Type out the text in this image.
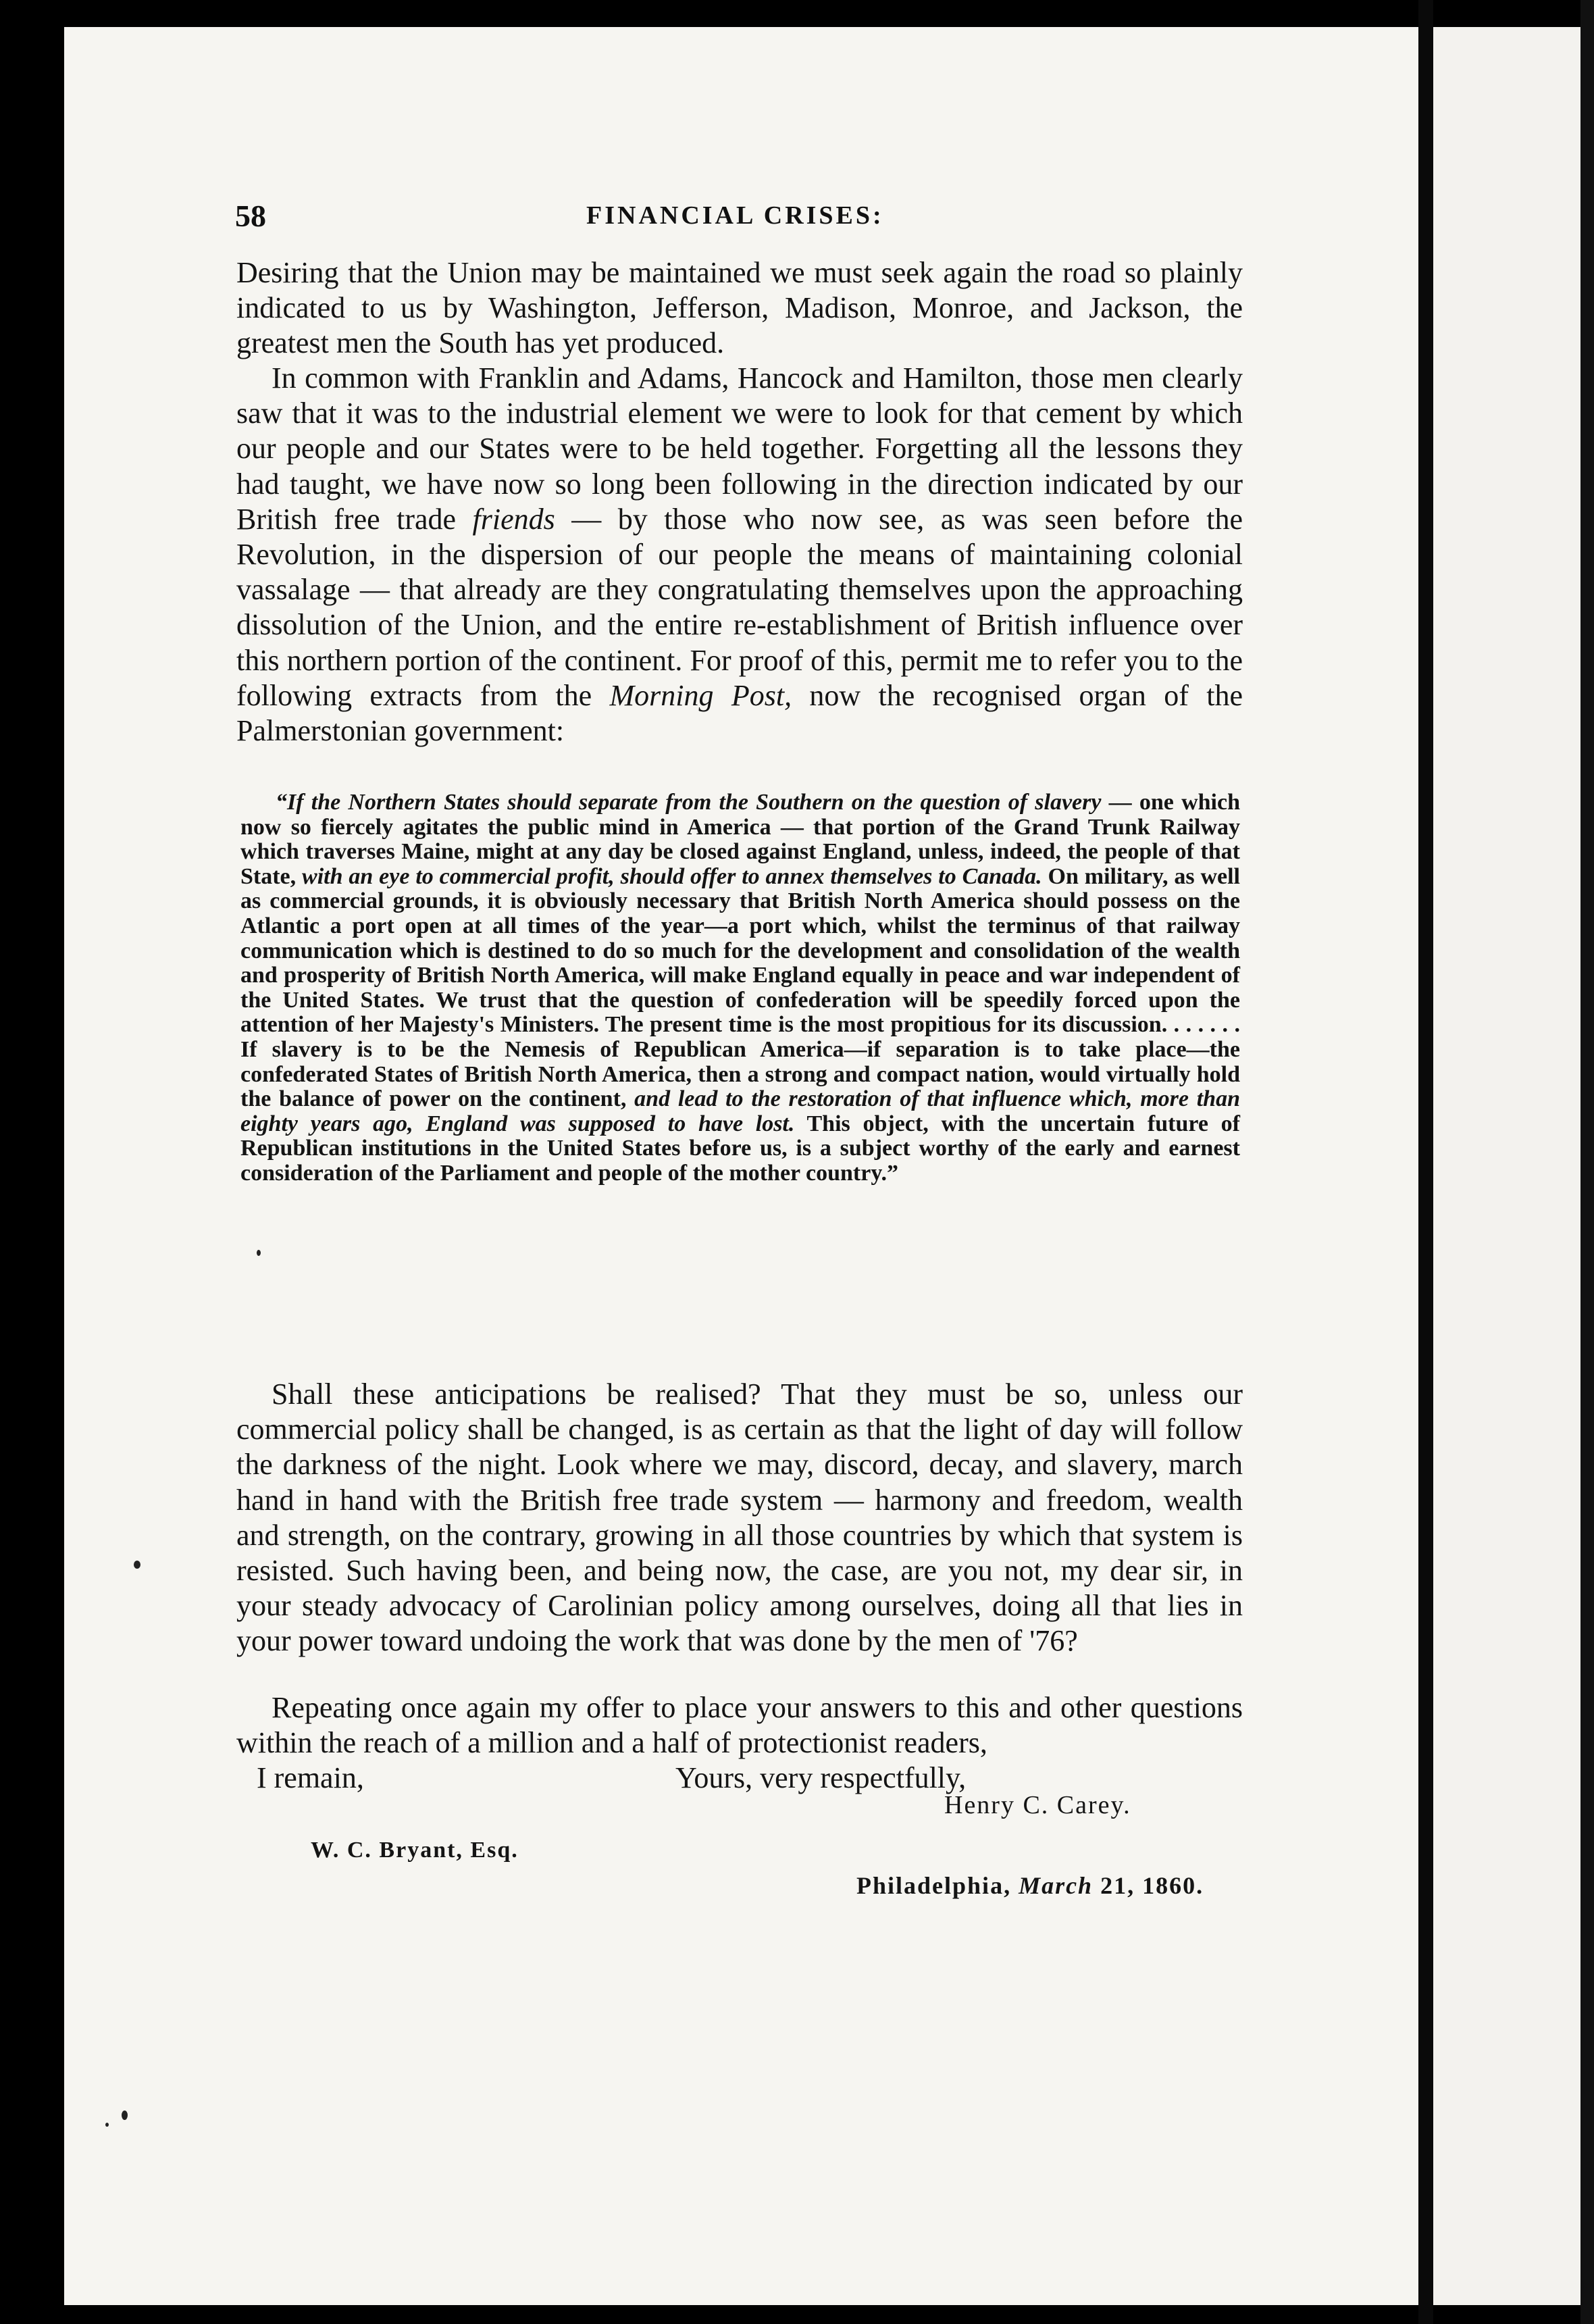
58	FINANCIAL CRISES:

Desiring that the Union may be maintained we must seek again the road so plainly indicated to us by Washington, Jefferson, Madison, Monroe, and Jackson, the greatest men the South has yet produced.

In common with Franklin and Adams, Hancock and Hamilton, those men clearly saw that it was to the industrial element we were to look for that cement by which our people and our States were to be held together. Forgetting all the lessons they had taught, we have now so long been following in the direction indicated by our British free trade friends — by those who now see, as was seen before the Revolution, in the dispersion of our people the means of maintaining colonial vassalage — that already are they congratulating themselves upon the approaching dissolution of the Union, and the entire re-establishment of British influence over this northern portion of the continent. For proof of this, permit me to refer you to the following extracts from the Morning Post, now the recognised organ of the Palmerstonian government:

“If the Northern States should separate from the Southern on the question of slavery — one which now so fiercely agitates the public mind in America — that portion of the Grand Trunk Railway which traverses Maine, might at any day be closed against England, unless, indeed, the people of that State, with an eye to commercial profit, should offer to annex themselves to Canada. On military, as well as commercial grounds, it is obviously necessary that British North America should possess on the Atlantic a port open at all times of the year—a port which, whilst the terminus of that railway communication which is destined to do so much for the development and consolidation of the wealth and prosperity of British North America, will make England equally in peace and war independent of the United States. We trust that the question of confederation will be speedily forced upon the attention of her Majesty's Ministers. The present time is the most propitious for its discussion. . . . . . . If slavery is to be the Nemesis of Republican America—if separation is to take place—the confederated States of British North America, then a strong and compact nation, would virtually hold the balance of power on the continent, and lead to the restoration of that influence which, more than eighty years ago, England was supposed to have lost. This object, with the uncertain future of Republican institutions in the United States before us, is a subject worthy of the early and earnest consideration of the Parliament and people of the mother country.”

Shall these anticipations be realised? That they must be so, unless our commercial policy shall be changed, is as certain as that the light of day will follow the darkness of the night. Look where we may, discord, decay, and slavery, march hand in hand with the British free trade system — harmony and freedom, wealth and strength, on the contrary, growing in all those countries by which that system is resisted. Such having been, and being now, the case, are you not, my dear sir, in your steady advocacy of Carolinian policy among ourselves, doing all that lies in your power toward undoing the work that was done by the men of '76?

Repeating once again my offer to place your answers to this and other questions within the reach of a million and a half of protectionist readers,

I remain,	Yours, very respectfully,
Henry C. Carey.
W. C. Bryant, Esq.
Philadelphia, March 21, 1860.
